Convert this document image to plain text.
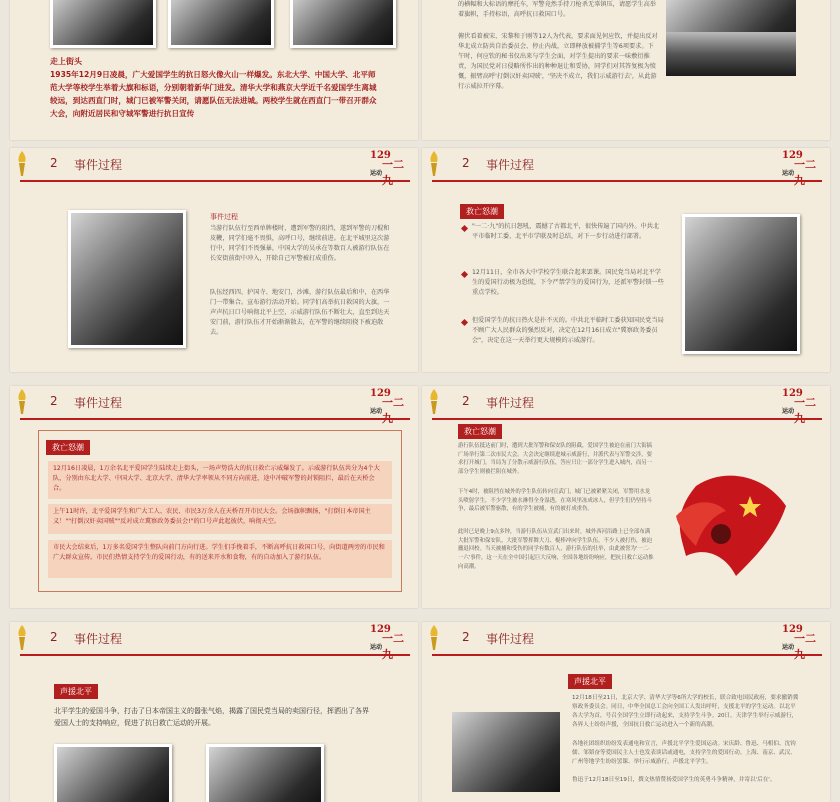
走上街头
1935年12月9日凌晨，广大爱国学生的抗日怒火像火山一样爆发。东北大学、中国大学、北平师范大学等校学生举着大旗和标语，分别朝着新华门进发。清华大学和燕京大学近千名爱国学生离城较远，到达西直门时，城门已被军警关闭，请愿队伍无法进城。两校学生就在西直门一带召开群众大会，向附近居民和守城军警进行抗日宣传
的横幅和大标语的摩托车，军警竟然手持刀枪杀无辜镇压，请愿学生高举着旗帜，手持标语，高呼抗日救国口号。
俯伏看着被宋、宋黎和于刚等12人为代表，要求面见何应钦，并提出反对华北成立防共自治委员会、停止内战，立即释放被捕学生等6项要求。下午时，何应钦的秘书仅出来与学生会面，对学生提出的要求一味敷衍推责，为国民党对日侵略所作出的种种退让和妥协，同学们对其答复极为愤慨，振臂高呼'打倒汉奸卖国贼'，'坚决不成立，我们示威游行去'，从此游行示威拉开序幕。
2 事件过程
129
一二九
运动
事件过程
当游行队伍行至西单牌楼时，遭到军警的阻挡，遂到军警的刀棍和皮鞭，同学们毫不畏惧，高呼口号，继续前进。在北平城里这次游行中，同学们不畏强暴，中国大学的吴承在等数百人被游行队伍在长安街前街中冲入，开除自己军警被打成重伤。
队伍经西四、护国寺、地安门，沙滩，游行队伍最后和中，在西华门一带集合。宣布游行活动开始。同学们高举抗日救国的大旗，一声声抗日口号响彻北平上空，示威游行队伍不断壮大，直至到达天安门前，游行队伍才开始渐渐散去，在军警的继续阻挠下被迫散去。
2 事件过程
129
一二九
运动
救亡怒潮
"一二·九"的抗日怒吼，震撼了古都北平，很快传遍了国内外。中共北平市临时工委、北平市学联及时总结，对下一步行动进行部署。
12月11日，全市各大中学校学生联合起来罢课。国民党当局对北平学生的爱国行动极为恐慌，下令严禁学生的爱国行为，还派军警封锁一些重点学校。
但爱国学生的抗日热火是扑不灭的。中共北平临时工委获知国民党当局不顾广大人民群众的强烈反对，决定在12月16日成立"冀察政务委员会"，决定在这一天举行更大规模的示威游行。
2 事件过程
129
一二九
运动
救亡怒潮
12月16日凌晨，1万余名北平爱国学生陆续走上街头，一场声势浩大的抗日救亡示威爆发了。示威游行队伍共分为4个大队，分别由东北大学、中国大学、北京大学、清华大学率领从不同方向前进，途中冲破军警的封锁阻拦，最后在天桥会合。
上午11时许，北平爱国学生和广大工人、农民、市民3万余人在天桥召开市民大会。会场旗帜飘扬，"打倒日本帝国主义！""打倒汉奸卖国贼""反对成立冀察政务委员会!"的口号声此起彼伏，响彻天空。
市民大会结束后，1万多名爱国学生整队向前门方向行进。学生们手挽着手，不断高呼抗日救国口号，向街道两旁的市民和广大群众宣传。市民们热情支持学生的爱国行动，有的送来开水和食物，有的自动加入了游行队伍。
2 事件过程
129
一二九
运动
救亡怒潮
游行队伍抵达前门时，遭到大批军警和保安队的阻截，爱国学生被迫在前门大街搞广场举行第二次市民大会。大会决定继续进城示威游行，并派代表与军警交涉，要求打开城门，当局为了分散示威游行队伍，答应只让一部分学生进入城内，而另一部分学生则被拦阻在城外。
下午4时，被阻挡在城外的学生队伍转向宣武门，城门已被紧紧关闭，军警用水龙头喷射学生，不少学生被水淋得全身湿透，在寒风里冻成冰人，但学生们仍坚持斗争，最后被军警驱散，有的学生被捕，有的被打成重伤。
此时已是晚上9点多钟，当游行队伍从宣武门出来时，城外西河沿路上已全部布满大批军警和保安队，大批军警挥舞大刀、棍棒冲向学生队伍，不少人被打伤，被迫撤退回校。当天被捕和受伤的同学有数百人，游行队伍的壮举，由此被誉为'一二·一六'事件，这一天在全中国引起巨大反响，全国各地纷纷响应，把抗日救亡运动推向高潮。
2 事件过程
129
一二九
运动
声援北平
北平学生的爱国斗争，打击了日本帝国主义的嚣张气焰，揭露了国民党当局的卖国行径，挥洒出了各界爱国人士的支持响应，促进了抗日救亡运动的开展。
2 事件过程
129
一二九
运动
声援北平
12月18日至21日，北京大学、清华大学等6所大学的校长，联合致电国民政府，要求撤销冀察政务委员会。同日，中华全国总工会向全国工人发出呼吁，支援北平的学生运动。以北平各大学为首，号召全国学生立即行动起来，支持学生斗争。20日，天津学生举行示威游行，各界人士纷纷声援，全国抗日救亡运动进入一个新的高潮。
各地社团组织纷纷发表通电和宣言，声援北平学生爱国运动。宋庆龄、鲁迅、马相伯、沈钧儒、邹韬奋等爱国民主人士也发表谈话或通电，支持学生的爱国行动。上海、南京、武汉、广州等地学生纷纷罢课、举行示威游行，声援北平学生。
鲁迅于12月18日至19日，撰文热情赞扬爱国学生的英勇斗争精神，并寄以'后在'。
